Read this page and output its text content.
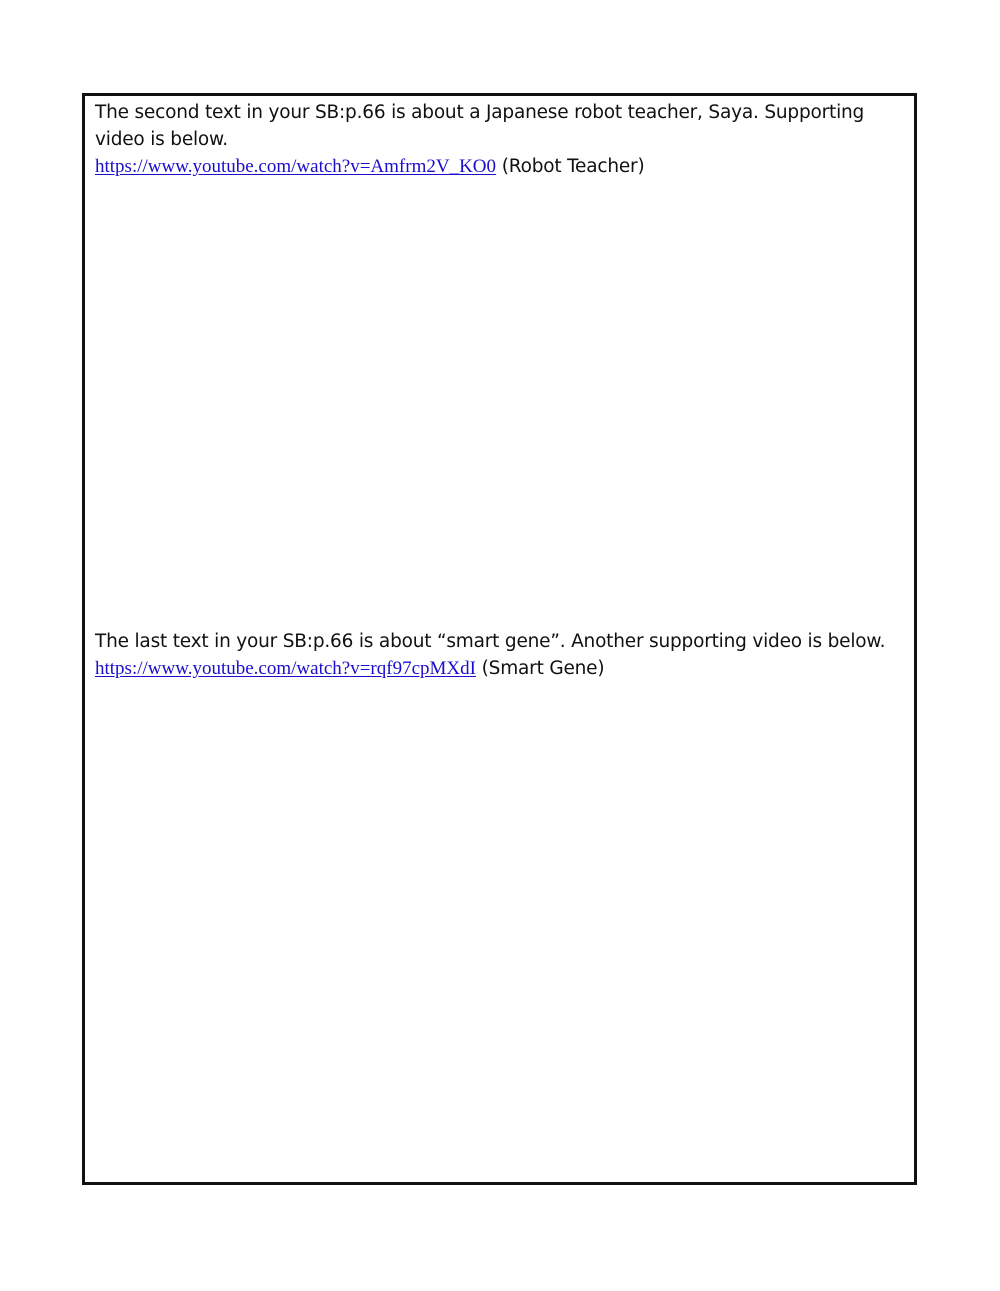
The second text in your SB:p.66 is about a Japanese robot teacher, Saya. Supporting
video is below.
https://www.youtube.com/watch?v=Amfrm2V_KO0 (Robot Teacher)
The last text in your SB:p.66 is about “smart gene”. Another supporting video is below.
https://www.youtube.com/watch?v=rqf97cpMXdI (Smart Gene)
